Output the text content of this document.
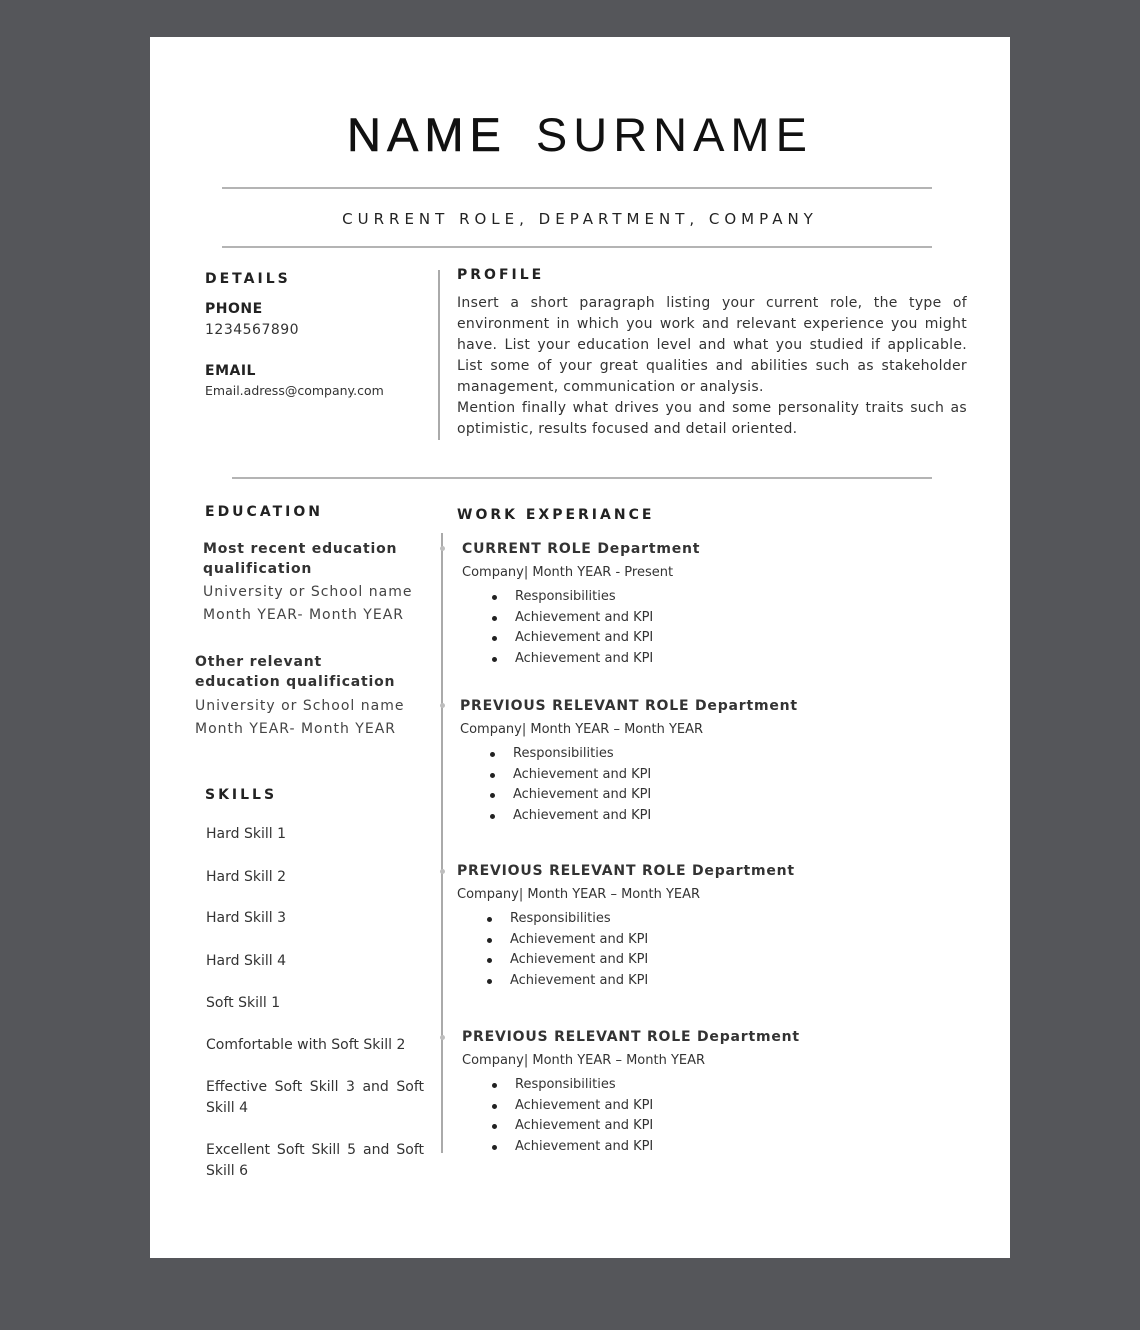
NAME SURNAME
CURRENT ROLE, DEPARTMENT, COMPANY
DETAILS
PHONE
1234567890
EMAIL
Email.adress@company.com
PROFILE
Insert a short paragraph listing your current role, the type of environment in which you work and relevant experience you might have. List your education level and what you studied if applicable. List some of your great qualities and abilities such as stakeholder management, communication or analysis.
Mention finally what drives you and some personality traits such as optimistic, results focused and detail oriented.
EDUCATION
Most recent education qualification
University or School name
Month YEAR- Month YEAR
Other relevant education qualification
University or School name
Month YEAR- Month YEAR
SKILLS
Hard Skill 1
Hard Skill 2
Hard Skill 3
Hard Skill 4
Soft Skill 1
Comfortable with Soft Skill 2
Effective Soft Skill 3 and Soft Skill 4
Excellent Soft Skill 5 and Soft Skill 6
WORK EXPERIANCE
CURRENT ROLE Department
Company| Month YEAR - Present
Responsibilities
Achievement and KPI
Achievement and KPI
Achievement and KPI
PREVIOUS RELEVANT ROLE Department
Company| Month YEAR – Month YEAR
Responsibilities
Achievement and KPI
Achievement and KPI
Achievement and KPI
PREVIOUS RELEVANT ROLE Department
Company| Month YEAR – Month YEAR
Responsibilities
Achievement and KPI
Achievement and KPI
Achievement and KPI
PREVIOUS RELEVANT ROLE Department
Company| Month YEAR – Month YEAR
Responsibilities
Achievement and KPI
Achievement and KPI
Achievement and KPI
